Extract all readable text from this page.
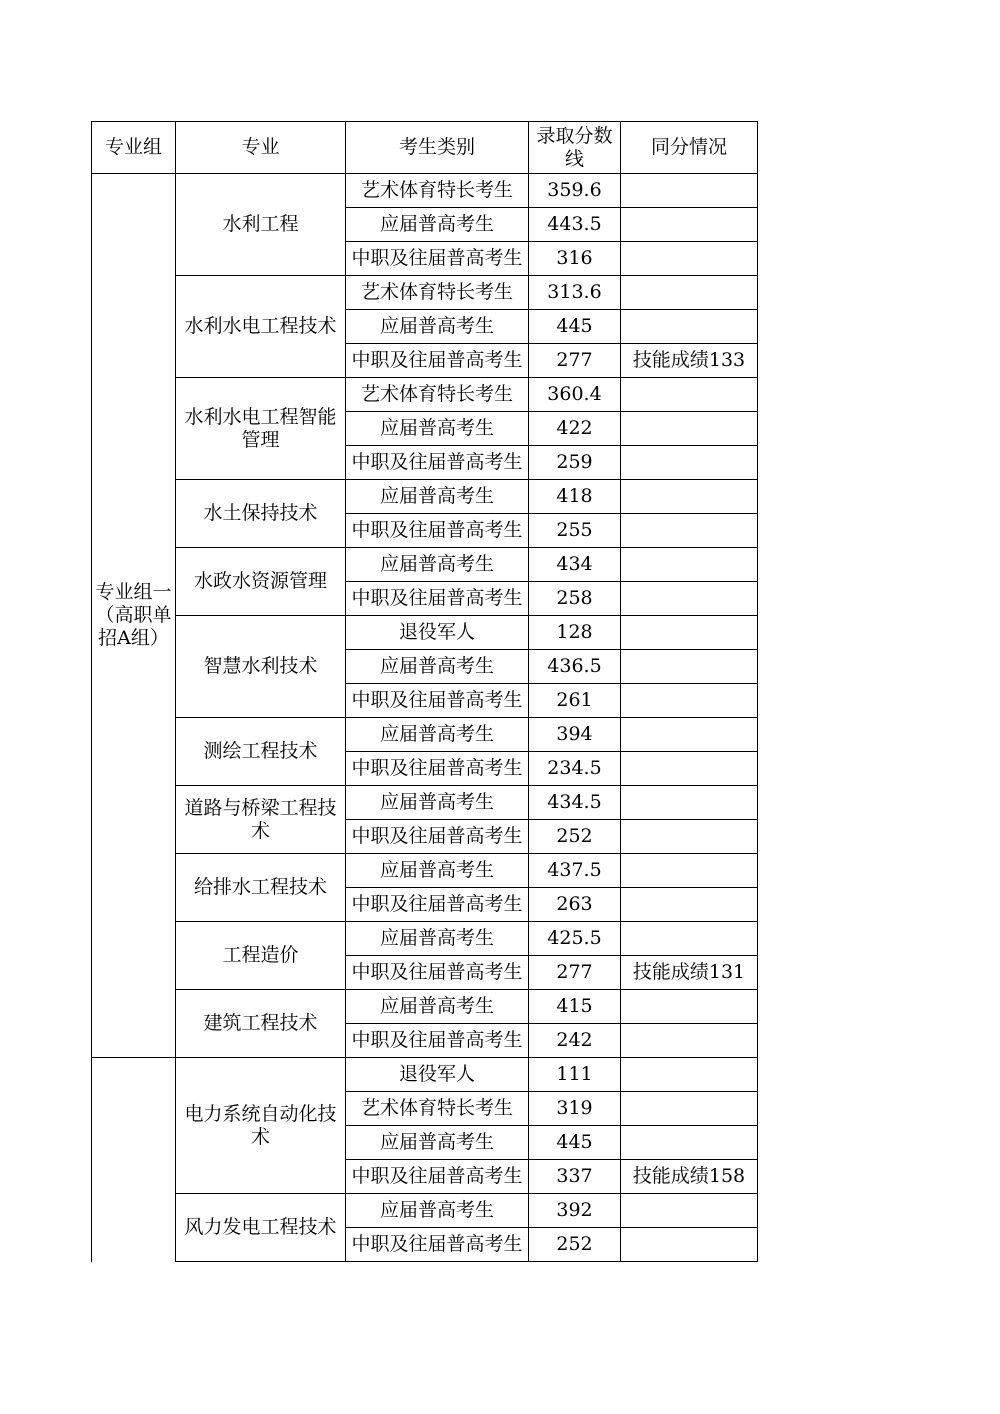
专业组	专业	考生类别	录取分数线	同分情况
专业组一（高职单招A组）	水利工程	艺术体育特长考生	359.6	
		应届普高考生	443.5	
		中职及往届普高考生	316	
	水利水电工程技术	艺术体育特长考生	313.6	
		应届普高考生	445	
		中职及往届普高考生	277	技能成绩133
	水利水电工程智能管理	艺术体育特长考生	360.4	
		应届普高考生	422	
		中职及往届普高考生	259	
	水土保持技术	应届普高考生	418	
		中职及往届普高考生	255	
	水政水资源管理	应届普高考生	434	
		中职及往届普高考生	258	
	智慧水利技术	退役军人	128	
		应届普高考生	436.5	
		中职及往届普高考生	261	
	测绘工程技术	应届普高考生	394	
		中职及往届普高考生	234.5	
	道路与桥梁工程技术	应届普高考生	434.5	
		中职及往届普高考生	252	
	给排水工程技术	应届普高考生	437.5	
		中职及往届普高考生	263	
	工程造价	应届普高考生	425.5	
		中职及往届普高考生	277	技能成绩131
	建筑工程技术	应届普高考生	415	
		中职及往届普高考生	242	
	电力系统自动化技术	退役军人	111	
		艺术体育特长考生	319	
		应届普高考生	445	
		中职及往届普高考生	337	技能成绩158
	风力发电工程技术	应届普高考生	392	
		中职及往届普高考生	252	
